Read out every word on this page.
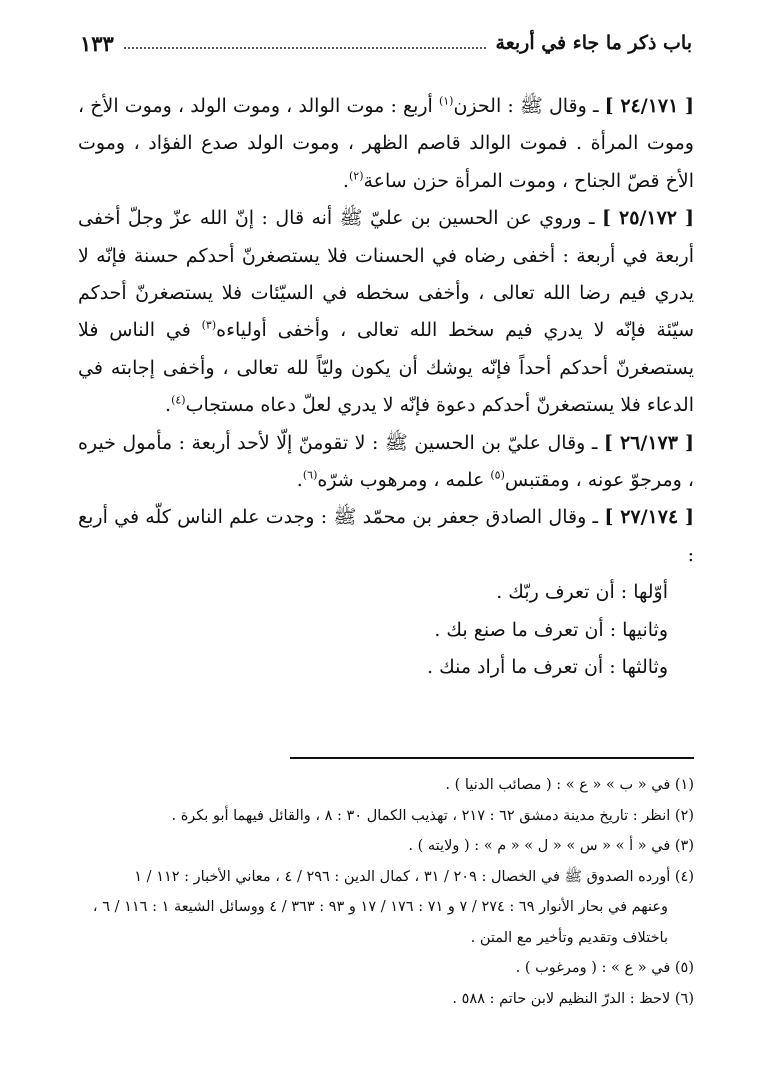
باب ذكر ما جاء في أربعة
١٣٣

[ ٢٤/١٧١ ] ـ وقال ﷺ : الحزن$^{(١)}$ أربع : موت الوالد ، وموت الولد ، وموت الأخ ، وموت المرأة . فموت الوالد قاصم الظهر ، وموت الولد صدع الفؤاد ، وموت الأخ قصّ الجناح ، وموت المرأة حزن ساعة$^{(٢)}$.

[ ٢٥/١٧٢ ] ـ وروي عن الحسين بن عليّ ﷺ أنه قال : إنّ الله عزّ وجلّ أخفى أربعة في أربعة : أخفى رضاه في الحسنات فلا يستصغرنّ أحدكم حسنة فإنّه لا يدري فيم رضا الله تعالى ، وأخفى سخطه في السيّئات فلا يستصغرنّ أحدكم سيّئة فإنّه لا يدري فيم سخط الله تعالى ، وأخفى أولياءه$^{(٣)}$ في الناس فلا يستصغرنّ أحدكم أحداً فإنّه يوشك أن يكون وليّاً لله تعالى ، وأخفى إجابته في الدعاء فلا يستصغرنّ أحدكم دعوة فإنّه لا يدري لعلّ دعاه مستجاب$^{(٤)}$.

[ ٢٦/١٧٣ ] ـ وقال عليّ بن الحسين ﷺ : لا تقومنّ إلّا لأحد أربعة : مأمول خيره ، ومرجوّ عونه ، ومقتبس$^{(٥)}$ علمه ، ومرهوب شرّه$^{(٦)}$.

[ ٢٧/١٧٤ ] ـ وقال الصادق جعفر بن محمّد ﷺ : وجدت علم الناس كلّه في أربع :

أوّلها : أن تعرف ربّك .

وثانيها : أن تعرف ما صنع بك .

وثالثها : أن تعرف ما أراد منك .

(١) في « ب » « ع » : ( مصائب الدنيا ) .

(٢) انظر : تاريخ مدينة دمشق ٦٢ : ٢١٧ ، تهذيب الكمال ٣٠ : ٨ ، والقائل فيهما أبو بكرة .

(٣) في « أ » « س » « ل » « م » : ( ولايته ) .

(٤) أورده الصدوق ﷺ في الخصال : ٢٠٩ / ٣١ ، كمال الدين : ٢٩٦ / ٤ ، معاني الأخبار : ١١٢ / ١

وعنهم في بحار الأنوار ٦٩ : ٢٧٤ / ٧ و ٧١ : ١٧٦ / ١٧ و ٩٣ : ٣٦٣ / ٤ ووسائل الشيعة ١ : ١١٦ / ٦ ،

باختلاف وتقديم وتأخير مع المتن .

(٥) في « ع » : ( ومرغوب ) .

(٦) لاحظ : الدرّ النظيم لابن حاتم : ٥٨٨ .
